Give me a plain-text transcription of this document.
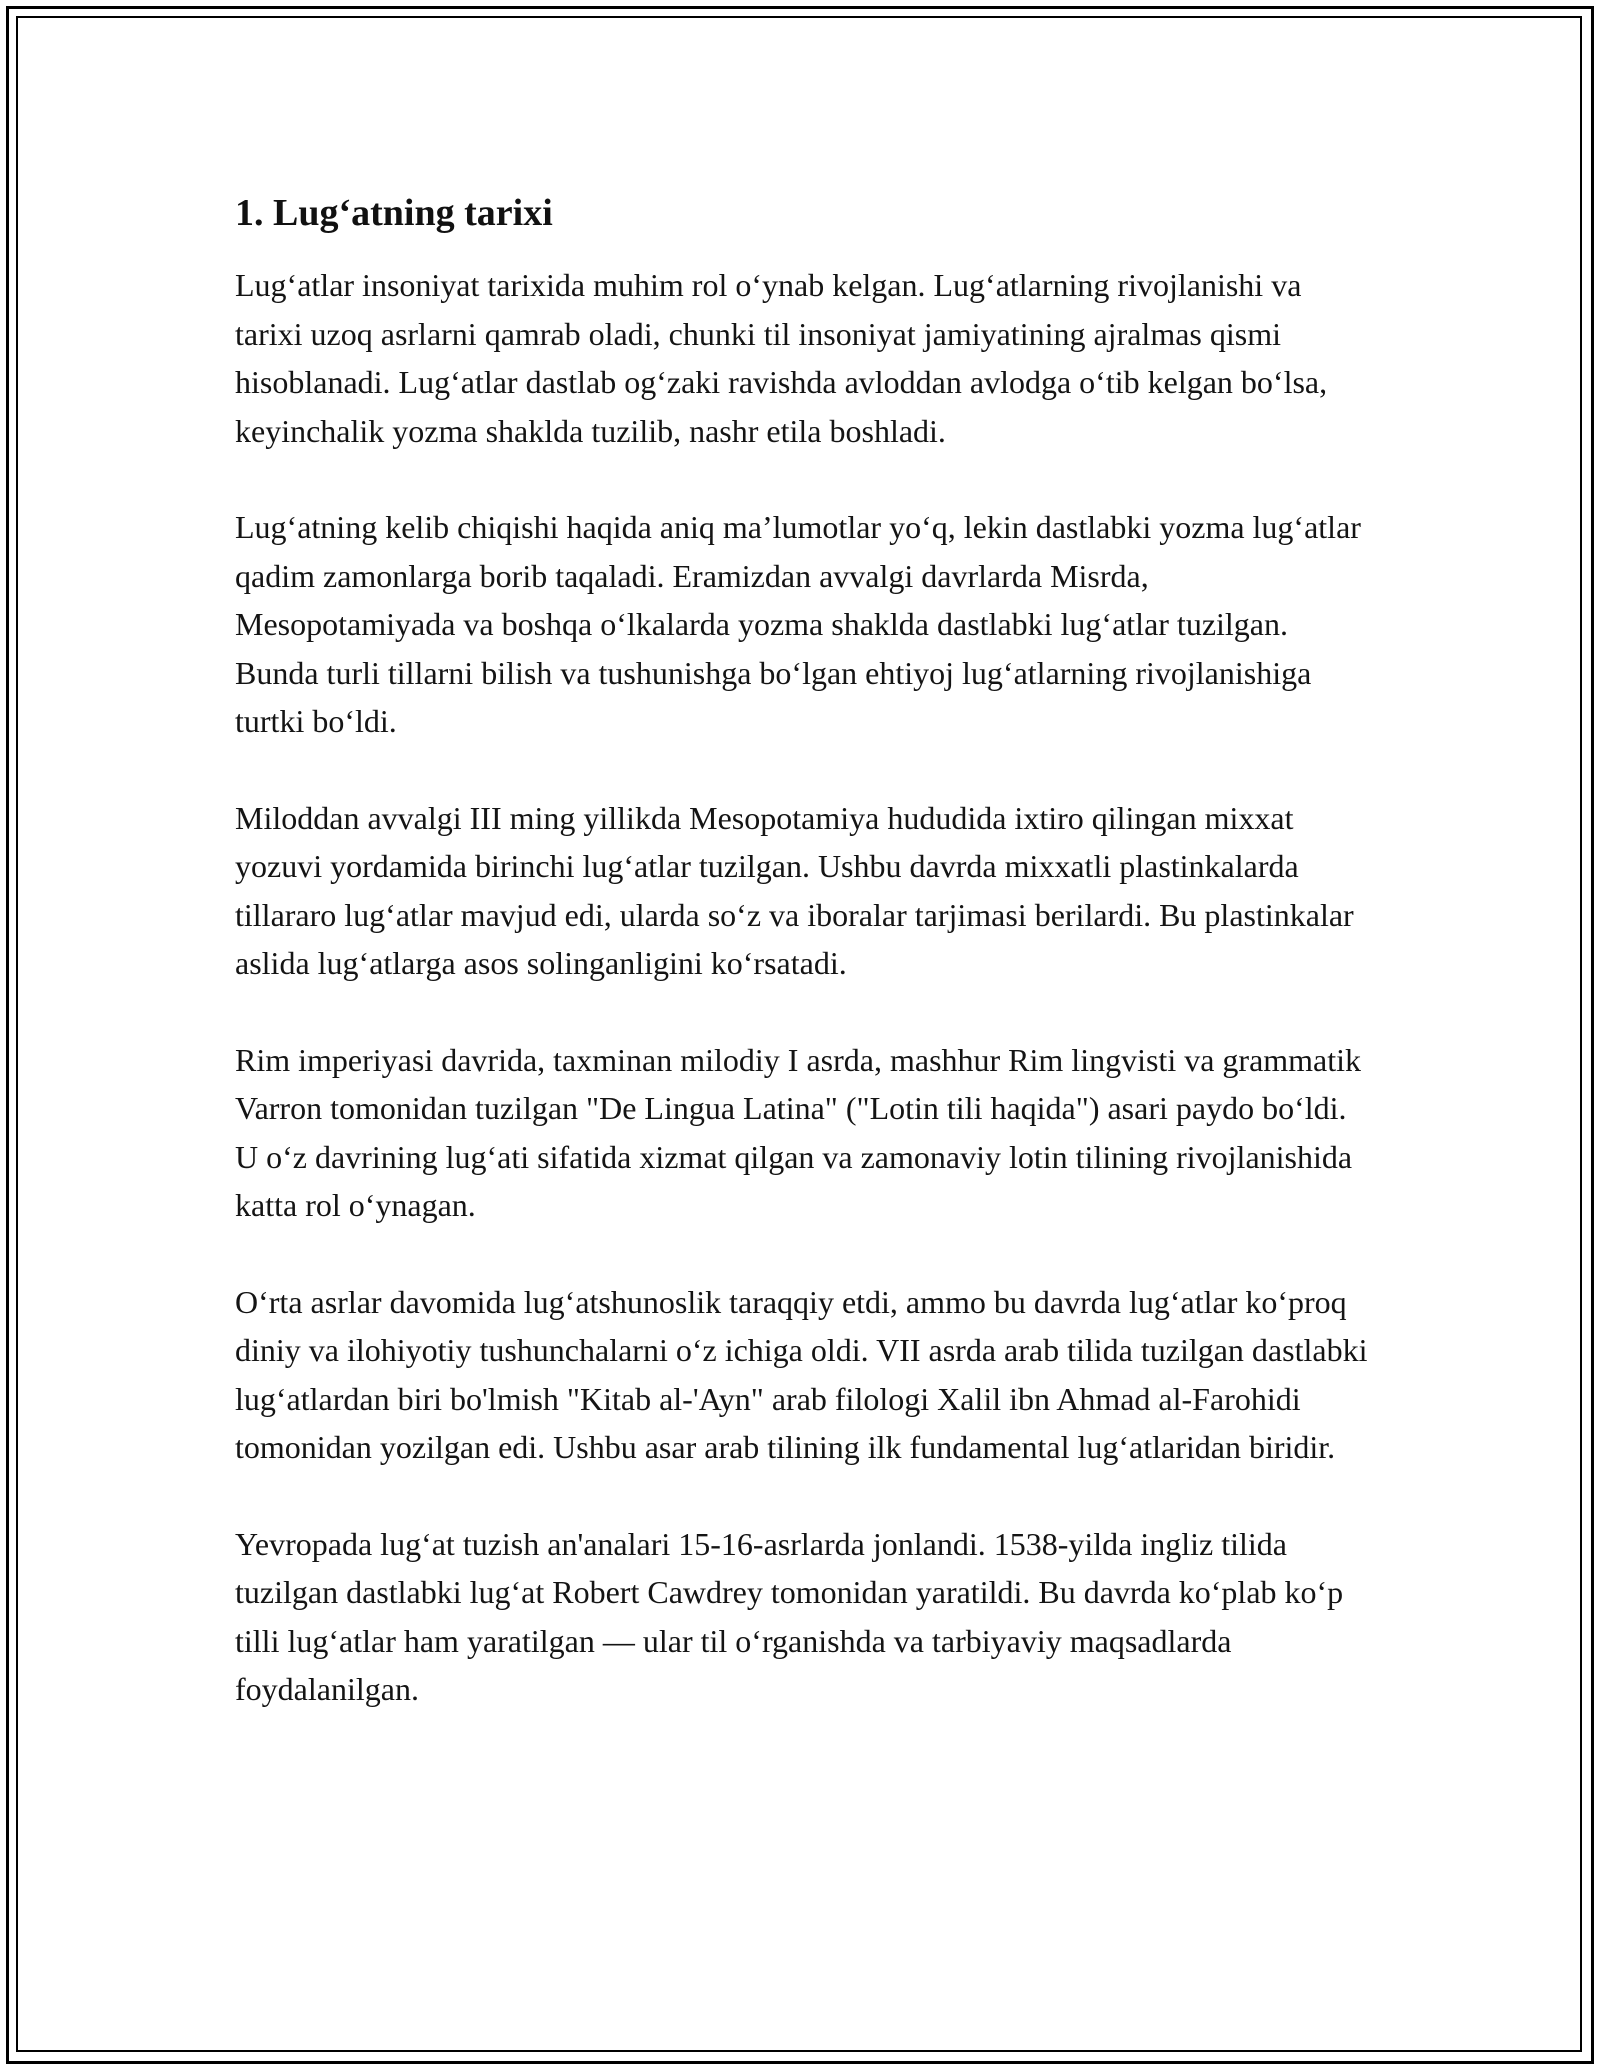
1. Lug‘atning tarixi

Lug‘atlar insoniyat tarixida muhim rol o‘ynab kelgan. Lug‘atlarning rivojlanishi va tarixi uzoq asrlarni qamrab oladi, chunki til insoniyat jamiyatining ajralmas qismi hisoblanadi. Lug‘atlar dastlab og‘zaki ravishda avloddan avlodga o‘tib kelgan bo‘lsa, keyinchalik yozma shaklda tuzilib, nashr etila boshladi.

Lug‘atning kelib chiqishi haqida aniq ma’lumotlar yo‘q, lekin dastlabki yozma lug‘atlar qadim zamonlarga borib taqaladi. Eramizdan avvalgi davrlarda Misrda, Mesopotamiyada va boshqa o‘lkalarda yozma shaklda dastlabki lug‘atlar tuzilgan. Bunda turli tillarni bilish va tushunishga bo‘lgan ehtiyoj lug‘atlarning rivojlanishiga turtki bo‘ldi.

Miloddan avvalgi III ming yillikda Mesopotamiya hududida ixtiro qilingan mixxat yozuvi yordamida birinchi lug‘atlar tuzilgan. Ushbu davrda mixxatli plastinkalarda tillararo lug‘atlar mavjud edi, ularda so‘z va iboralar tarjimasi berilardi. Bu plastinkalar aslida lug‘atlarga asos solinganligini ko‘rsatadi.

Rim imperiyasi davrida, taxminan milodiy I asrda, mashhur Rim lingvisti va grammatik Varron tomonidan tuzilgan "De Lingua Latina" ("Lotin tili haqida") asari paydo bo‘ldi. U o‘z davrining lug‘ati sifatida xizmat qilgan va zamonaviy lotin tilining rivojlanishida katta rol o‘ynagan.

O‘rta asrlar davomida lug‘atshunoslik taraqqiy etdi, ammo bu davrda lug‘atlar ko‘proq diniy va ilohiyotiy tushunchalarni o‘z ichiga oldi. VII asrda arab tilida tuzilgan dastlabki lug‘atlardan biri bo'lmish "Kitab al-'Ayn" arab filologi Xalil ibn Ahmad al-Farohidi tomonidan yozilgan edi. Ushbu asar arab tilining ilk fundamental lug‘atlaridan biridir.

Yevropada lug‘at tuzish an'analari 15-16-asrlarda jonlandi. 1538-yilda ingliz tilida tuzilgan dastlabki lug‘at Robert Cawdrey tomonidan yaratildi. Bu davrda ko‘plab ko‘p tilli lug‘atlar ham yaratilgan — ular til o‘rganishda va tarbiyaviy maqsadlarda foydalanilgan.
